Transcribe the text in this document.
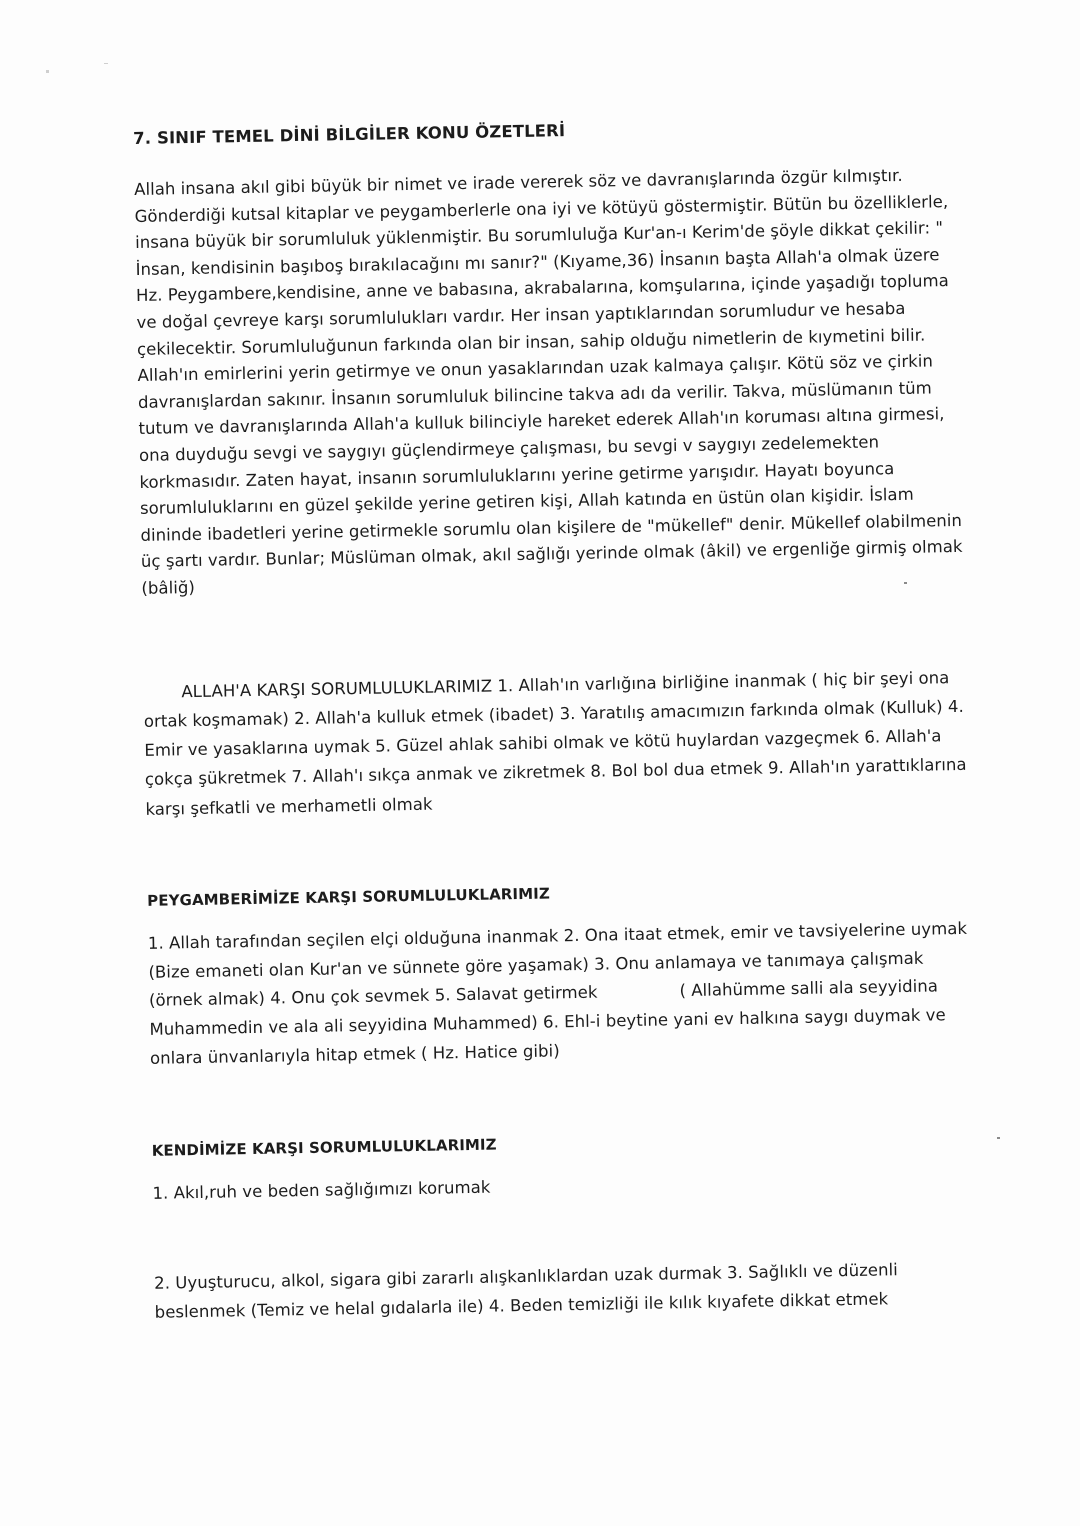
7. SINIF TEMEL DİNİ BİLGİLER KONU ÖZETLERİ

Allah insana akıl gibi büyük bir nimet ve irade vererek söz ve davranışlarında özgür kılmıştır. Gönderdiği kutsal kitaplar ve peygamberlerle ona iyi ve kötüyü göstermiştir. Bütün bu özelliklerle, insana büyük bir sorumluluk yüklenmiştir. Bu sorumluluğa Kur'an-ı Kerim'de şöyle dikkat çekilir: " İnsan, kendisinin başıboş bırakılacağını mı sanır?" (Kıyame,36) İnsanın başta Allah'a olmak üzere Hz. Peygambere,kendisine, anne ve babasına, akrabalarına, komşularına, içinde yaşadığı topluma ve doğal çevreye karşı sorumlulukları vardır. Her insan yaptıklarından sorumludur ve hesaba çekilecektir. Sorumluluğunun farkında olan bir insan, sahip olduğu nimetlerin de kıymetini bilir. Allah'ın emirlerini yerin getirmye ve onun yasaklarından uzak kalmaya çalışır. Kötü söz ve çirkin davranışlardan sakınır. İnsanın sorumluluk bilincine takva adı da verilir. Takva, müslümanın tüm tutum ve davranışlarında Allah'a kulluk bilinciyle hareket ederek Allah'ın koruması altına girmesi, ona duyduğu sevgi ve saygıyı güçlendirmeye çalışması, bu sevgi v saygıyı zedelemekten korkmasıdır. Zaten hayat, insanın sorumluluklarını yerine getirme yarışıdır. Hayatı boyunca sorumluluklarını en güzel şekilde yerine getiren kişi, Allah katında en üstün olan kişidir. İslam dininde ibadetleri yerine getirmekle sorumlu olan kişilere de "mükellef" denir. Mükellef olabilmenin üç şartı vardır. Bunlar; Müslüman olmak, akıl sağlığı yerinde olmak (âkil) ve ergenliğe girmiş olmak (bâliğ)

ALLAH'A KARŞI SORUMLULUKLARIMIZ 1. Allah'ın varlığına birliğine inanmak ( hiç bir şeyi ona ortak koşmamak) 2. Allah'a kulluk etmek (ibadet) 3. Yaratılış amacımızın farkında olmak (Kulluk) 4. Emir ve yasaklarına uymak 5. Güzel ahlak sahibi olmak ve kötü huylardan vazgeçmek 6. Allah'a çokça şükretmek 7. Allah'ı sıkça anmak ve zikretmek 8. Bol bol dua etmek 9. Allah'ın yarattıklarına karşı şefkatli ve merhametli olmak

PEYGAMBERİMİZE KARŞI SORUMLULUKLARIMIZ

1. Allah tarafından seçilen elçi olduğuna inanmak 2. Ona itaat etmek, emir ve tavsiyelerine uymak (Bize emaneti olan Kur'an ve sünnete göre yaşamak) 3. Onu anlamaya ve tanımaya çalışmak (örnek almak) 4. Onu çok sevmek 5. Salavat getirmek	( Allahümme salli ala seyyidina Muhammedin ve ala ali seyyidina Muhammed) 6. Ehl-i beytine yani ev halkına saygı duymak ve onlara ünvanlarıyla hitap etmek ( Hz. Hatice gibi)

KENDİMİZE KARŞI SORUMLULUKLARIMIZ

1. Akıl,ruh ve beden sağlığımızı korumak

2. Uyuşturucu, alkol, sigara gibi zararlı alışkanlıklardan uzak durmak 3. Sağlıklı ve düzenli beslenmek (Temiz ve helal gıdalarla ile) 4. Beden temizliği ile kılık kıyafete dikkat etmek
